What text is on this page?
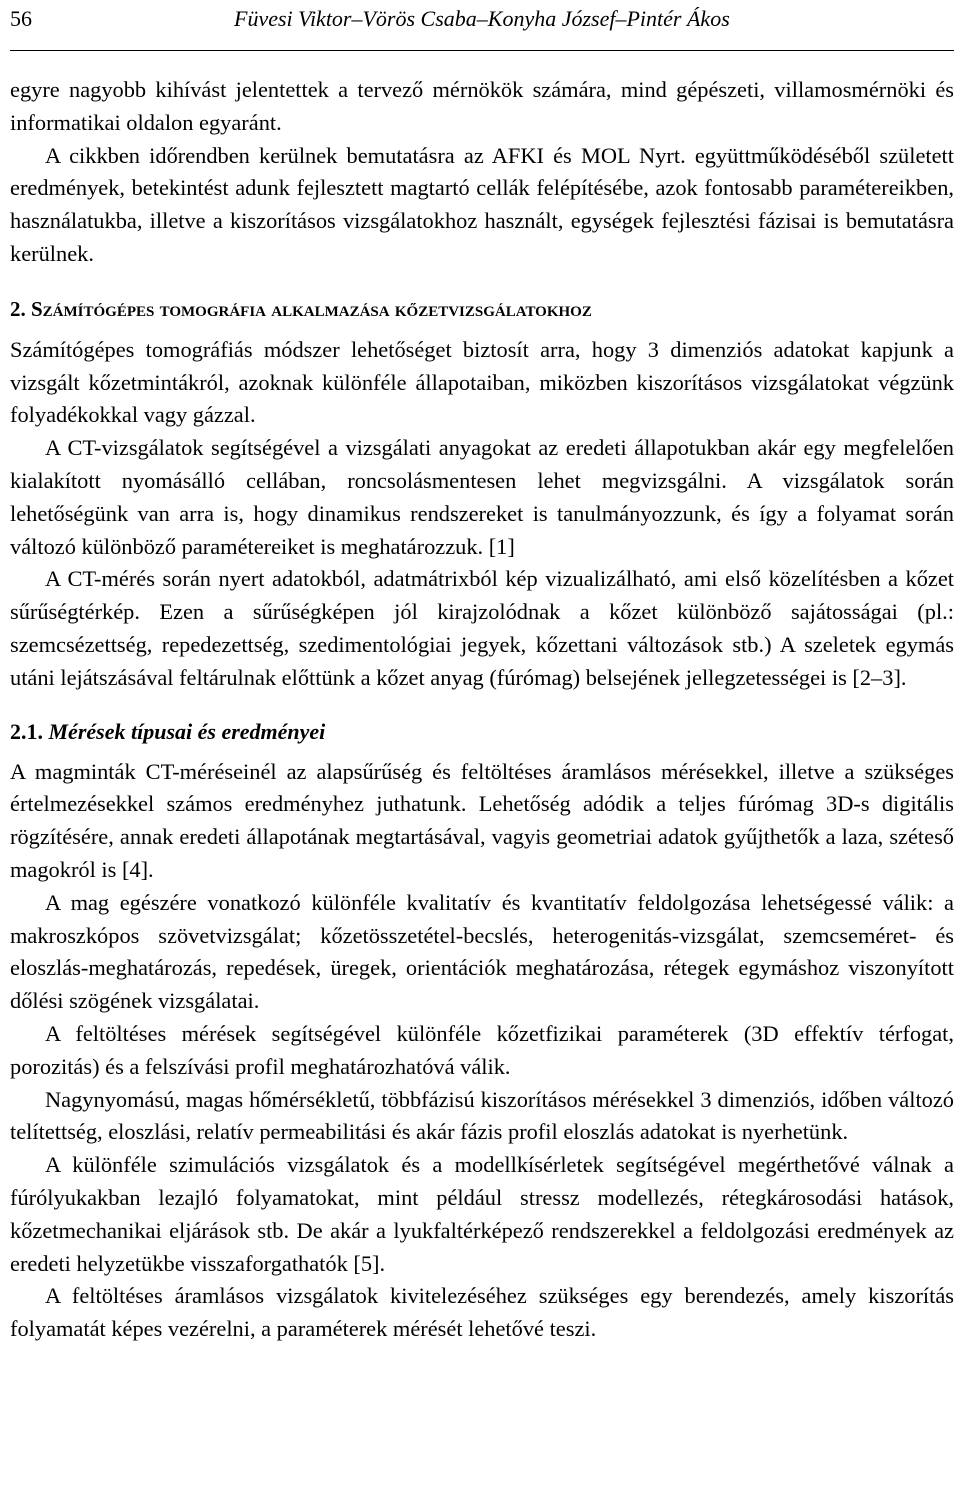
56	Füvesi Viktor–Vörös Csaba–Konyha József–Pintér Ákos

egyre nagyobb kihívást jelentettek a tervező mérnökök számára, mind gépészeti, villamosmérnöki és informatikai oldalon egyaránt.

A cikkben időrendben kerülnek bemutatásra az AFKI és MOL Nyrt. együttműködéséből született eredmények, betekintést adunk fejlesztett magtartó cellák felépítésébe, azok fontosabb paramétereikben, használatukba, illetve a kiszorításos vizsgálatokhoz használt, egységek fejlesztési fázisai is bemutatásra kerülnek.

2. Számítógépes tomográfia alkalmazása kőzetvizsgálatokhoz

Számítógépes tomográfiás módszer lehetőséget biztosít arra, hogy 3 dimenziós adatokat kapjunk a vizsgált kőzetmintákról, azoknak különféle állapotaiban, miközben kiszorításos vizsgálatokat végzünk folyadékokkal vagy gázzal.

A CT-vizsgálatok segítségével a vizsgálati anyagokat az eredeti állapotukban akár egy megfelelően kialakított nyomásálló cellában, roncsolásmentesen lehet megvizsgálni. A vizsgálatok során lehetőségünk van arra is, hogy dinamikus rendszereket is tanulmányozzunk, és így a folyamat során változó különböző paramétereiket is meghatározzuk. [1]

A CT-mérés során nyert adatokból, adatmátrixból kép vizualizálható, ami első közelítésben a kőzet sűrűségtérkép. Ezen a sűrűségképen jól kirajzolódnak a kőzet különböző sajátosságai (pl.: szemcsézettség, repedezettség, szedimentológiai jegyek, kőzettani változások stb.) A szeletek egymás utáni lejátszásával feltárulnak előttünk a kőzet anyag (fúrómag) belsejének jellegzetességei is [2–3].

2.1. Mérések típusai és eredményei

A magminták CT-méréseinél az alapsűrűség és feltöltéses áramlásos mérésekkel, illetve a szükséges értelmezésekkel számos eredményhez juthatunk. Lehetőség adódik a teljes fúrómag 3D-s digitális rögzítésére, annak eredeti állapotának megtartásával, vagyis geometriai adatok gyűjthetők a laza, széteső magokról is [4].

A mag egészére vonatkozó különféle kvalitatív és kvantitatív feldolgozása lehetségessé válik: a makroszkópos szövetvizsgálat; kőzetösszetétel-becslés, heterogenitás-vizsgálat, szemcseméret- és eloszlás-meghatározás, repedések, üregek, orientációk meghatározása, rétegek egymáshoz viszonyított dőlési szögének vizsgálatai.

A feltöltéses mérések segítségével különféle kőzetfizikai paraméterek (3D effektív térfogat, porozitás) és a felszívási profil meghatározhatóvá válik.

Nagynyomású, magas hőmérsékletű, többfázisú kiszorításos mérésekkel 3 dimenziós, időben változó telítettség, eloszlási, relatív permeabilitási és akár fázis profil eloszlás adatokat is nyerhetünk.

A különféle szimulációs vizsgálatok és a modellkísérletek segítségével megérthetővé válnak a fúrólyukakban lezajló folyamatokat, mint például stressz modellezés, rétegkárosodási hatások, kőzetmechanikai eljárások stb. De akár a lyukfaltérképező rendszerekkel a feldolgozási eredmények az eredeti helyzetükbe visszaforgathatók [5].

A feltöltéses áramlásos vizsgálatok kivitelezéséhez szükséges egy berendezés, amely kiszorítás folyamatát képes vezérelni, a paraméterek mérését lehetővé teszi.
